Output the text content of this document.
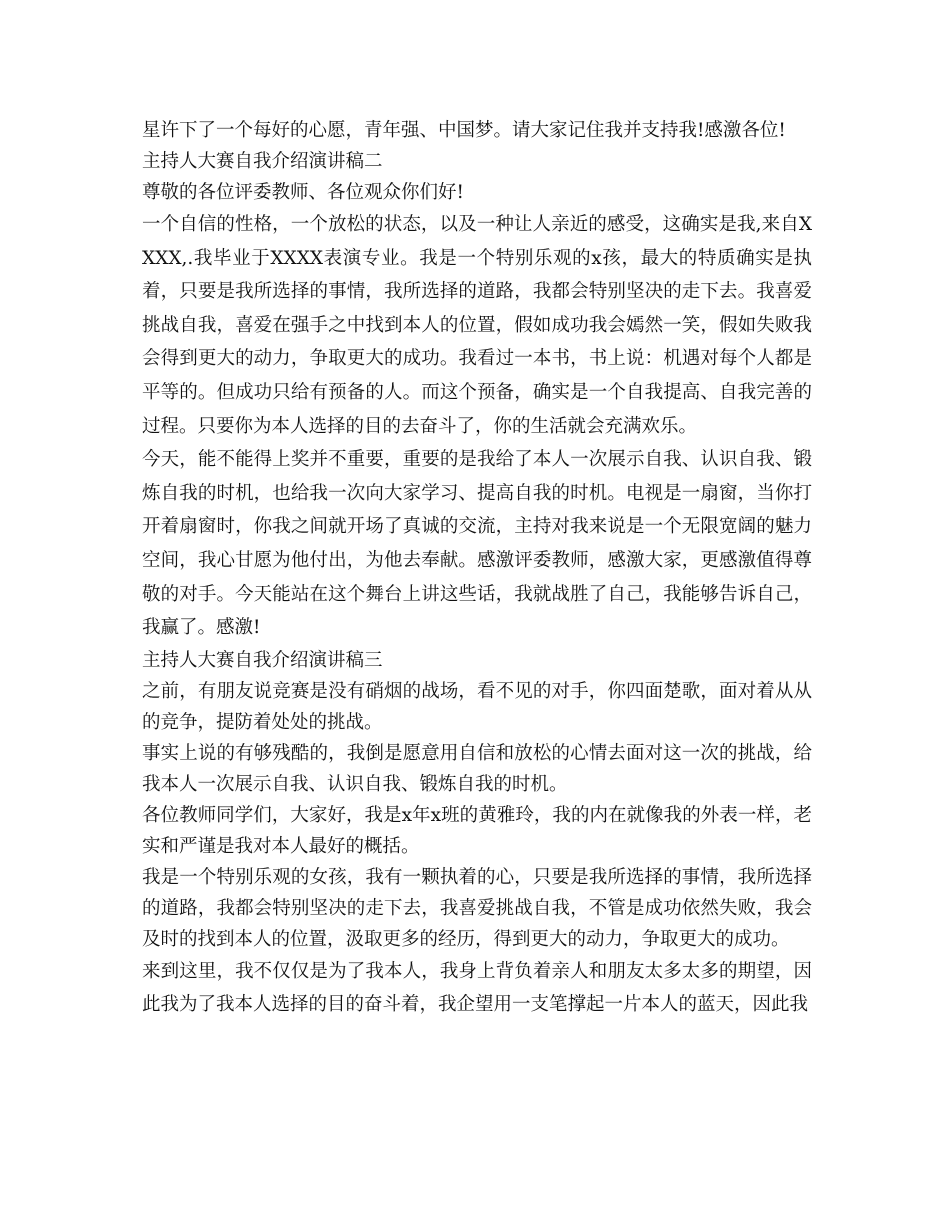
星许下了一个每好的心愿，青年强、中国梦。请大家记住我并支持我!感激各位!

主持人大赛自我介绍演讲稿二

尊敬的各位评委教师、各位观众你们好!

一个自信的性格，一个放松的状态，以及一种让人亲近的感受，这确实是我,来自XXXX,.我毕业于XXXX表演专业。我是一个特别乐观的x孩，最大的特质确实是执着，只要是我所选择的事情，我所选择的道路，我都会特别坚决的走下去。我喜爱挑战自我，喜爱在强手之中找到本人的位置，假如成功我会嫣然一笑，假如失败我会得到更大的动力，争取更大的成功。我看过一本书，书上说：机遇对每个人都是平等的。但成功只给有预备的人。而这个预备，确实是一个自我提高、自我完善的过程。只要你为本人选择的目的去奋斗了，你的生活就会充满欢乐。

今天，能不能得上奖并不重要，重要的是我给了本人一次展示自我、认识自我、锻炼自我的时机，也给我一次向大家学习、提高自我的时机。电视是一扇窗，当你打开着扇窗时，你我之间就开场了真诚的交流，主持对我来说是一个无限宽阔的魅力空间，我心甘愿为他付出，为他去奉献。感激评委教师，感激大家，更感激值得尊敬的对手。今天能站在这个舞台上讲这些话，我就战胜了自己，我能够告诉自己，我赢了。感激!

主持人大赛自我介绍演讲稿三

之前，有朋友说竞赛是没有硝烟的战场，看不见的对手，你四面楚歌，面对着从从的竞争，提防着处处的挑战。

事实上说的有够残酷的，我倒是愿意用自信和放松的心情去面对这一次的挑战，给我本人一次展示自我、认识自我、锻炼自我的时机。

各位教师同学们，大家好，我是x年x班的黄雅玲，我的内在就像我的外表一样，老实和严谨是我对本人最好的概括。

我是一个特别乐观的女孩，我有一颗执着的心，只要是我所选择的事情，我所选择的道路，我都会特别坚决的走下去，我喜爱挑战自我，不管是成功依然失败，我会及时的找到本人的位置，汲取更多的经历，得到更大的动力，争取更大的成功。

来到这里，我不仅仅是为了我本人，我身上背负着亲人和朋友太多太多的期望，因此我为了我本人选择的目的奋斗着，我企望用一支笔撑起一片本人的蓝天，因此我
